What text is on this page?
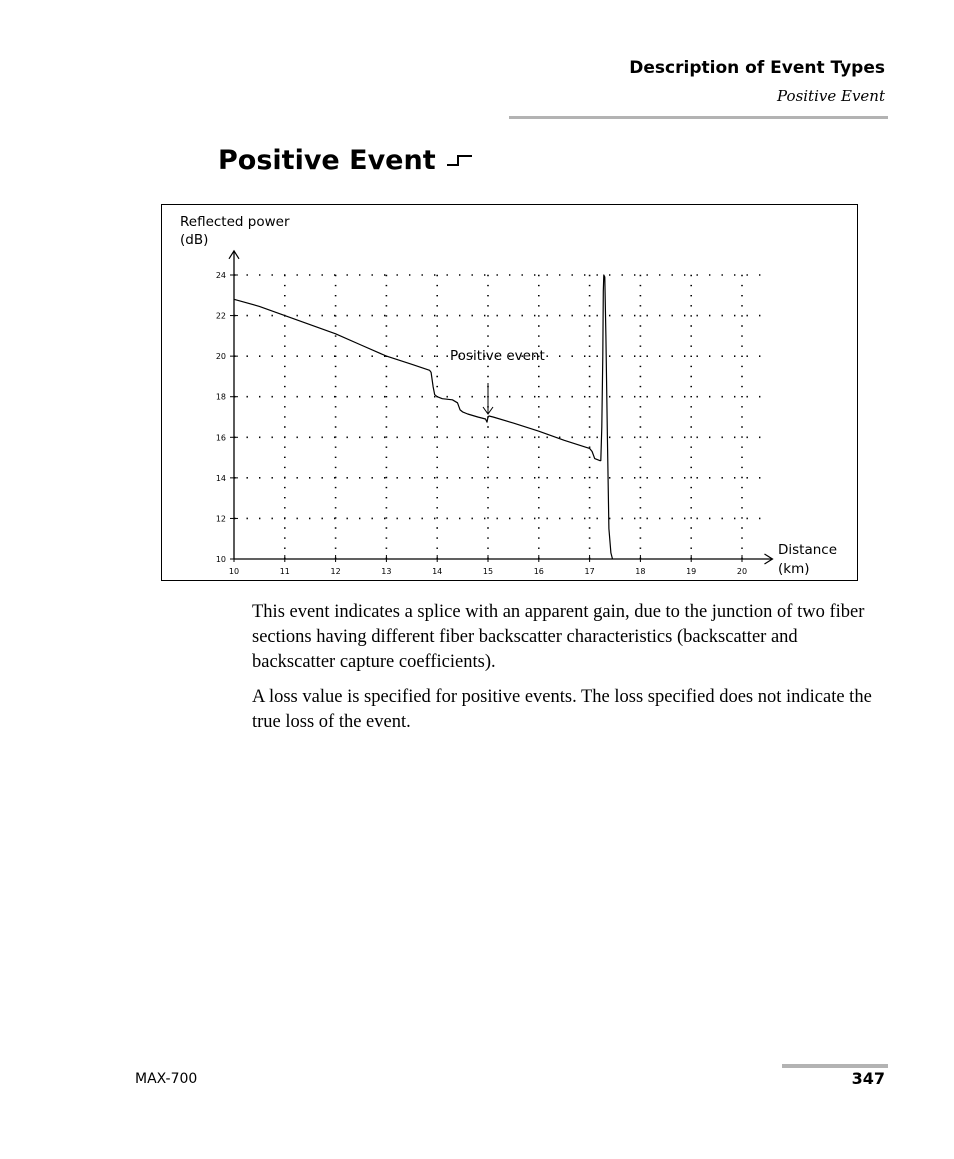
Description of Event Types
Positive Event
Positive Event
10
12
14
16
18
20
22
24
10	11	12	13	14	15	16	17	18	19	20
Reflected power
(dB)
Distance
(km)
Positive event
This event indicates a splice with an apparent gain, due to the junction of two fiber sections having different fiber backscatter characteristics (backscatter and backscatter capture coefficients).
A loss value is specified for positive events. The loss specified does not indicate the true loss of the event.
MAX-700	347
